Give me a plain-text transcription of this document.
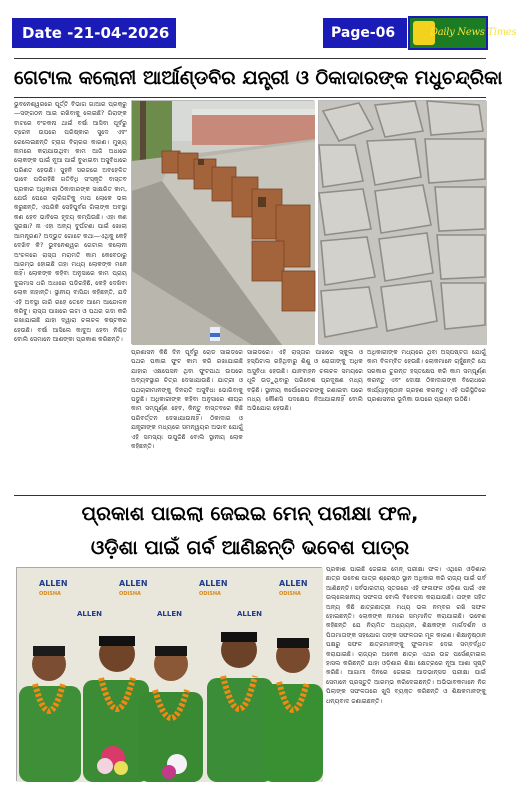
Date -21-04-2026	Page-06	Daily News Times
ଗେଟାଲ କଲୋନୀ ଆର୍ଆଣ୍ଡବିର ଯନ୍ତ୍ରୀ ଓ ଠିକାଦାରଙ୍କ ମଧୁଚନ୍ଦ୍ରିକା
ଭୁବନେଶ୍ୱରରେ ପୂର୍ତ୍ତି ବିଭାଗ ଗାଆର ପ୍ରକ୍ରୁ—ସଙ୍ଗଠନ ଆଇ ରଖିବାକୁ ଲେଇଛି? ଗିରାଙ୍କ ବାଟରେ ବଂଚକନା ଥାଇଁ ବର୍ଷା ଆସିବା ପୂର୍ବରୁ ଟ୍ରେନ ଉପରେ ପରିଷ୍କାର ସୁଦେ ଏବଂ ରେଲେଇଛନ୍ତି ଟ୍ରାଗ ବିଚାରର କାରଣ। ମୁଖ୍ୟ ନାମରେ କରାଯାଉଥିବା କାମ ଆଜି ଅଧାରେ ଲୋକଙ୍କ ପାଇଁ ନୂଆ ପାଇଁ ବୁଝାଇବା ଅସୁବିଧାରେ ପରିଣତ ହେଉଛି। ସୁହନି ସରଜରେ ଅବହେଳିତ ଭାବେ ପଡିରହିଛି ଗତିବିଧି ସଂସ୍କୃତି ବାସ୍ତବ ପ୍ରକାର ଅଧିକାରୀ ଠିକାଦାରଙ୍କ ସାକ୍ଷରିତ କାମ, ଯେଉଁ ପେରେ ଚାରିଗଟିକୁ ମାପ ଲୋକେ ଭଲ କରୁଛନ୍ତି, ଏପରିକି ସେହିପୁର୍ବର ଗିଲାଙ୍କ ଅବସ୍ଥା କଣ ହେବ ଭାବିଲେ ହୃଦୟ କମ୍ପିଉଛି। ଏହା କଣ ସୁରକ୍ଷା? ନା ଏହା ଅନ୍ୟ ଦୁର୍ଘଟଣା ପାଇଁ ଖୋଲା ଆମନ୍ତ୍ରଣ? ଅଦ୍ଭୁତ ଗୋଟେ କଥା—ଏଥିକୁ କେହି ଦେଖିବ କି? ଭୁବନେଶ୍ୱର ଗେଟାଲ କଲୋନୀ ଅଂଚଳରେ ରାସ୍ତା ମରାମତି କାମ କେବେଠାରୁ ଆରମ୍ଭ ହୋଇଛି ତାହା ମଧ୍ୟ ଲୋକଙ୍କ ମନେ ନାହିଁ। ଲୋକଙ୍କ କହିବା ଅନୁସାରେ କାମ ପ୍ରାୟ ଦୁଇମାସ ଧରି ଅଧାରେ ପଡିରହିଛି, କେହି ଦେଖିବା ଲୋକ ନାହାନ୍ତି। ସ୍ଥାନୀୟ ବାସିନ୍ଦା କହିଛନ୍ତି, ଯଦି ଏହି ଅବସ୍ଥା ଜାରି ରହେ ତେବେ ଆମେ ଆନ୍ଦୋଳନ କରିବୁ। ରାସ୍ତା ପାଖରେ ଇଟା ଓ ପଥର ଗଦା କରି ରଖାଯାଇଛି ଯାହା ଦ୍ୱାରା ଚଳାଚଳ କଷ୍ଟକର ହେଉଛି। ବର୍ଷା ଆସିଲେ କାଦୁଅ ହେବା ନିଶ୍ଚିତ ବୋଲି ସେମାନେ ଆଶଙ୍କା ପ୍ରକାଶ କରିଛନ୍ତି।
ପ୍ରଶାସନ କିଛି ଦିନ ପୂର୍ବରୁ ରୋଡ ସାଇଡରେ ପଥର ପକାଇ ଫୁଟ କାମ କରି ରଖାଯାଇଛି ଯାହାର ଏକ୍ଷପେସନ ଥିବା ଫୁଟପାଥ ଉପରେ ଅବ୍ୟବସ୍ଥାର ଚିତ୍ର ଦେଖାଯାଉଛି। ଯାତ୍ରୀ ଓ ପଥଚାରୀମାନଙ୍କୁ ଦିନରାତି ଅସୁବିଧା ଭୋଗିବାକୁ ପଡୁଛି। ଅଧିକାରୀଙ୍କ କହିବା ଅନୁସାରେ ଶୀଘ୍ର କାମ ସମ୍ପୂର୍ଣ୍ଣ ହେବ, କିନ୍ତୁ ବାସ୍ତବରେ କିଛି ପରିବର୍ତ୍ତନ ଦେଖାଯାଉନାହିଁ। ଠିକାଦାର ଓ ଯନ୍ତ୍ରୀଙ୍କ ମଧ୍ୟରେ ସମନ୍ୱୟର ଅଭାବ ଯୋଗୁଁ ଏହି ସମସ୍ୟା ଉପୁଜିଛି ବୋଲି ସ୍ଥାନୀୟ ଲୋକ କହିଛନ୍ତି।
ସାଇଡରେ। ଏହି ରାସ୍ତାର ପାଖରେ ସ୍କୁଲ ଓ ହସ୍ପିଟାଲ ରହିଥିବାରୁ ଶିଶୁ ଓ ରୋଗୀଙ୍କୁ ଅଧିକ ଅସୁବିଧା ହେଉଛି। ଯାନବାହନ ଚଳାଚଳ ସମୟରେ ଧୂଳି ଉଡ଼ୁଥିବାରୁ ପରିବେଶ ପ୍ରଦୂଷଣ ମଧ୍ୟ ବଢ଼ିଛି। ସ୍ଥାନୀୟ କର୍ପୋରେଟରଙ୍କୁ ଜଣାଇବା ପରେ ମଧ୍ୟ କୌଣସି ପଦକ୍ଷେପ ନିଆଯାଇନାହିଁ ବୋଲି ଅଭିଯୋଗ ହେଉଛି।
ଅଧିକାରୀଙ୍କ ମଧ୍ୟରେ ଥିବା ଅସ୍ପଷ୍ଟତା ଯୋଗୁଁ କାମ ବିଳମ୍ବିତ ହେଉଛି। ଲୋକମାନେ ଚାହୁଁଛନ୍ତି ଯେ ସରକାର ତୁରନ୍ତ ହସ୍ତକ୍ଷେପ କରି କାମ ସମ୍ପୂର୍ଣ୍ଣ କରନ୍ତୁ ଏବଂ ଦୋଷୀ ଠିକାଦାରଙ୍କ ବିରୋଧରେ କାର୍ଯ୍ୟାନୁଷ୍ଠାନ ଗ୍ରହଣ କରନ୍ତୁ। ଏହି ପରିସ୍ଥିତିରେ ପ୍ରଶାସନର ଭୂମିକା ଉପରେ ପ୍ରଶ୍ନ ଉଠିଛି।
ପ୍ରକାଶ ପାଇଲା ଜେଇଇ ମେନ୍ ପରୀକ୍ଷା ଫଳ,
ଓଡ଼ିଶା ପାଇଁ ଗର୍ବ ଆଣିଛନ୍ତି ଭବେଶ ପାତ୍ର
ALLEN
ODISHA
ALLEN
ODISHA
ALLEN
ODISHA
ALLEN
ODISHA
ALLEN	ALLEN	ALLEN
ପ୍ରକାଶ ପାଇଛି ଜେଇଇ ମେନ୍ ପରୀକ୍ଷା ଫଳ। ଏଥିରେ ଓଡ଼ିଶାର ଛାତ୍ର ଭବେଶ ପାତ୍ର ଶ୍ରେଷ୍ଠ ସ୍ଥାନ ଅଧିକାର କରି ରାଜ୍ୟ ପାଇଁ ଗର୍ବ ଆଣିଛନ୍ତି। ସର୍ବଭାରତୀୟ ସ୍ତରରେ ଏହି ଫଳାଫଳ ଓଡ଼ିଶା ପାଇଁ ଏକ ଉଲ୍ଲେଖନୀୟ ସଫଳତା ବୋଲି ବିବେଚନା କରାଯାଉଛି। ତାଙ୍କ ସହିତ ଅନ୍ୟ କିଛି ଛାତ୍ରଛାତ୍ରୀ ମଧ୍ୟ ଭଲ ନମ୍ବର ରଖି ସଫଳ ହୋଇଛନ୍ତି। ଲୋକଙ୍କ ନାମରେ ସମ୍ମାନିତ କରାଯାଇଛି। ଭବେଶ କହିଛନ୍ତି ଯେ ନିୟମିତ ଅଧ୍ୟୟନ, ଶିକ୍ଷକଙ୍କ ମାର୍ଗଦର୍ଶନ ଓ ପିତାମାତାଙ୍କ ସହଯୋଗ ତାଙ୍କ ସଫଳତାର ମୂଳ କାରଣ। ଶିକ୍ଷାନୁଷ୍ଠାନ ପକ୍ଷରୁ ସଫଳ ଛାତ୍ରମାନଙ୍କୁ ଫୁଲମାଳ ଦେଇ ସମ୍ବର୍ଦ୍ଧିତ କରାଯାଇଛି। ରାଜ୍ୟର ଅନେକ ଛାତ୍ର ଏଥର ଉଚ୍ଚ ପର୍ସେଣ୍ଟାଇଲ ହାସଲ କରିଛନ୍ତି ଯାହା ଓଡ଼ିଶାର ଶିକ୍ଷା କ୍ଷେତ୍ରରେ ନୂଆ ଆଶା ସୃଷ୍ଟି କରିଛି। ଆଗାମୀ ଦିନରେ ଜେଇଇ ଆଡଭାନ୍ସଡ ପରୀକ୍ଷା ପାଇଁ ସେମାନେ ପ୍ରସ୍ତୁତି ଆରମ୍ଭ କରିଦେଇଛନ୍ତି। ଅଭିଭାବକମାନେ ନିଜ ପିଲାଙ୍କ ସଫଳତାରେ ଖୁସି ବ୍ୟକ୍ତ କରିଛନ୍ତି ଓ ଶିକ୍ଷକମାନଙ୍କୁ ଧନ୍ୟବାଦ ଜଣାଇଛନ୍ତି।
